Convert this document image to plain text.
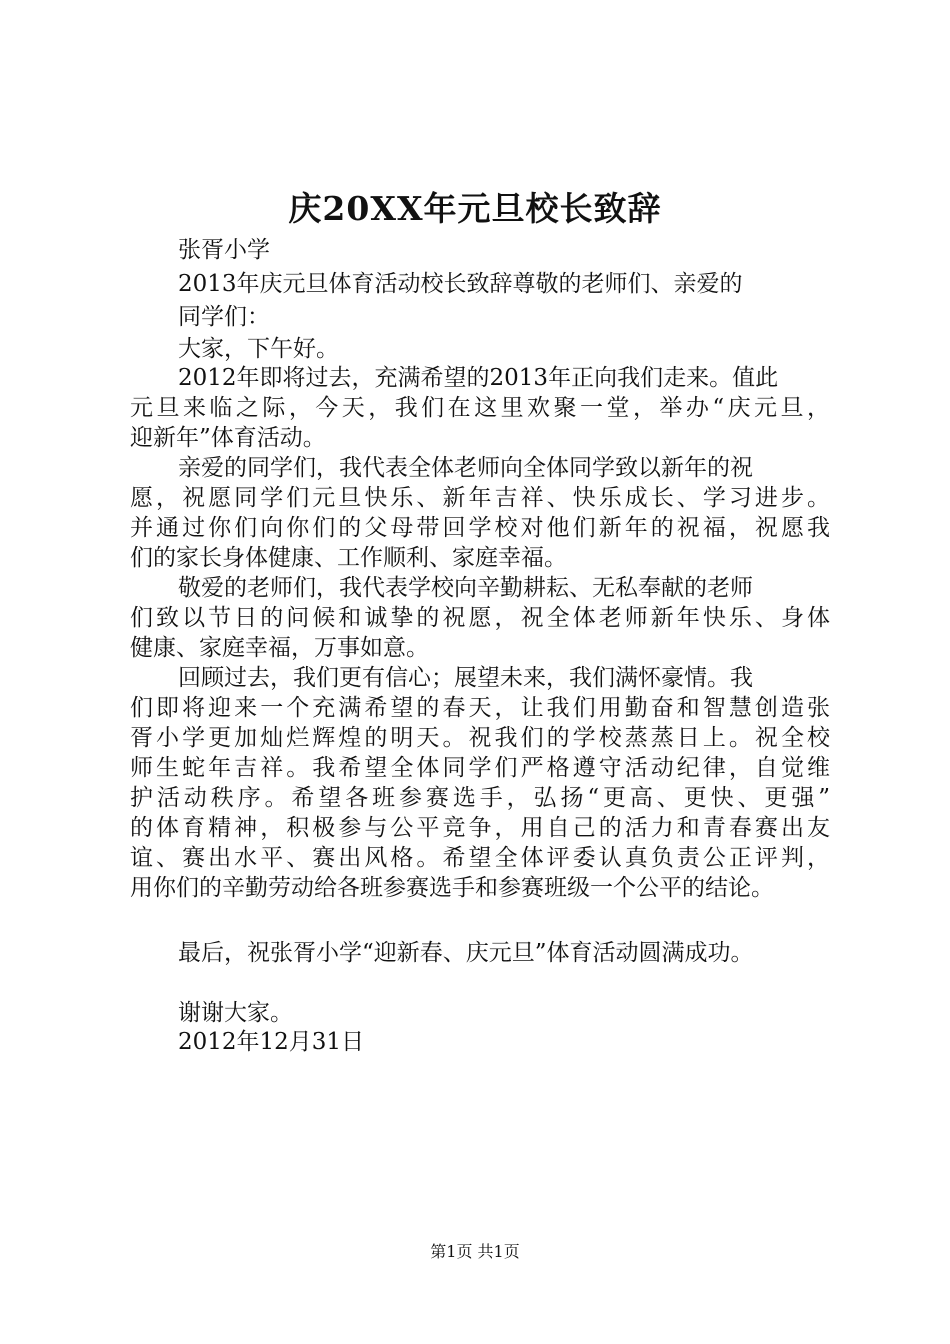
庆20XX年元旦校长致辞
张胥小学
2013年庆元旦体育活动校长致辞尊敬的老师们、亲爱的
同学们：
大家，下午好。
2012年即将过去，充满希望的2013年正向我们走来。值此
元旦来临之际，今天，我们在这里欢聚一堂，举办“庆元旦，
迎新年”体育活动。
亲爱的同学们，我代表全体老师向全体同学致以新年的祝
愿，祝愿同学们元旦快乐、新年吉祥、快乐成长、学习进步。
并通过你们向你们的父母带回学校对他们新年的祝福，祝愿我
们的家长身体健康、工作顺利、家庭幸福。
敬爱的老师们，我代表学校向辛勤耕耘、无私奉献的老师
们致以节日的问候和诚挚的祝愿，祝全体老师新年快乐、身体
健康、家庭幸福，万事如意。
回顾过去，我们更有信心；展望未来，我们满怀豪情。我
们即将迎来一个充满希望的春天，让我们用勤奋和智慧创造张
胥小学更加灿烂辉煌的明天。祝我们的学校蒸蒸日上。祝全校
师生蛇年吉祥。我希望全体同学们严格遵守活动纪律，自觉维
护活动秩序。希望各班参赛选手，弘扬“更高、更快、更强”
的体育精神，积极参与公平竞争，用自己的活力和青春赛出友
谊、赛出水平、赛出风格。希望全体评委认真负责公正评判，
用你们的辛勤劳动给各班参赛选手和参赛班级一个公平的结论。
最后，祝张胥小学“迎新春、庆元旦”体育活动圆满成功。
谢谢大家。
2012年12月31日
第1页 共1页
